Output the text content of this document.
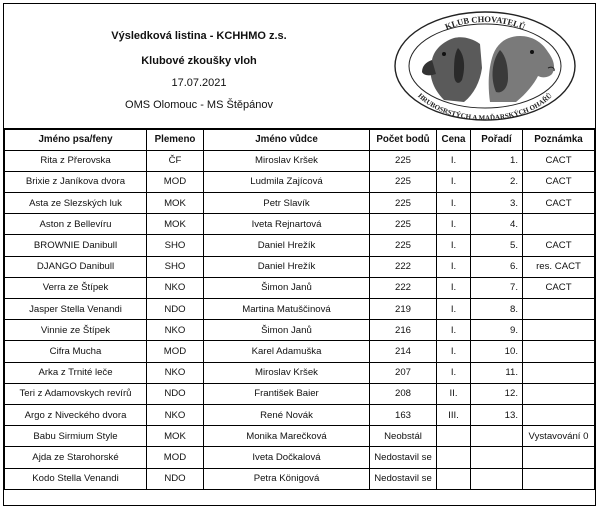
Výsledková listina - KCHHMO z.s.
Klubové zkoušky vloh
17.07.2021
OMS Olomouc - MS Štěpánov
KLUB CHOVATELŮ
HRUBOSRSTÝCH A MAĎARSKÝCH OHAŘŮ
Jméno psa/feny	Plemeno	Jméno vůdce	Počet bodů	Cena	Pořadí	Poznámka
Rita z Přerovska	ČF	Miroslav Kršek	225	I.	1.	CACT
Brixie z Janíkova dvora	MOD	Ludmila Zajícová	225	I.	2.	CACT
Asta ze Slezských luk	MOK	Petr Slavík	225	I.	3.	CACT
Aston z Bellevíru	MOK	Iveta Rejnartová	225	I.	4.	
BROWNIE Danibull	SHO	Daniel Hrežík	225	I.	5.	CACT
DJANGO Danibull	SHO	Daniel Hrežík	222	I.	6.	res. CACT
Verra ze Štípek	NKO	Šimon Janů	222	I.	7.	CACT
Jasper Stella Venandi	NDO	Martina Matuščinová	219	I.	8.	
Vinnie ze Štípek	NKO	Šimon Janů	216	I.	9.	
Cifra Mucha	MOD	Karel Adamuška	214	I.	10.	
Arka z Trnité leče	NKO	Miroslav Kršek	207	I.	11.	
Teri z Adamovskych revírů	NDO	František Baier	208	II.	12.	
Argo z Niveckého dvora	NKO	René Novák	163	III.	13.	
Babu Sirmium Style	MOK	Monika Marečková	Neobstál			Vystavování 0
Ajda ze Starohorské	MOD	Iveta Dočkalová	Nedostavil se			
Kodo Stella Venandi	NDO	Petra Königová	Nedostavil se			
